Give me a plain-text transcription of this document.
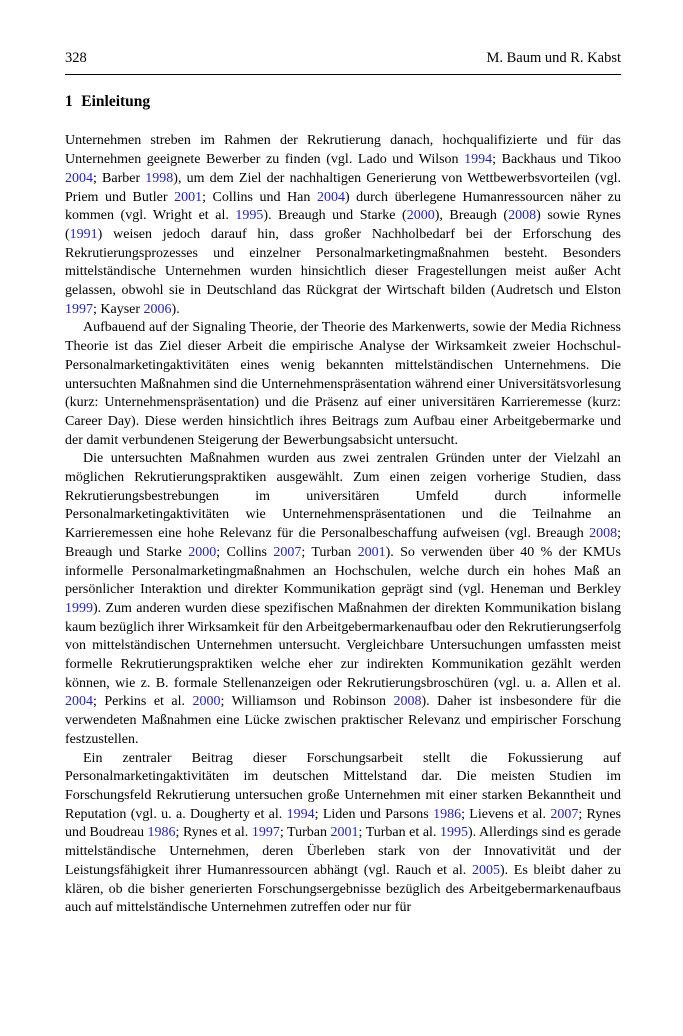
328	M. Baum und R. Kabst
1 Einleitung

Unternehmen streben im Rahmen der Rekrutierung danach, hochqualifizierte und für das Unternehmen geeignete Bewerber zu finden (vgl. Lado und Wilson 1994; Backhaus und Tikoo 2004; Barber 1998), um dem Ziel der nachhaltigen Generierung von Wettbewerbsvorteilen (vgl. Priem und Butler 2001; Collins und Han 2004) durch überlegene Humanressourcen näher zu kommen (vgl. Wright et al. 1995). Breaugh und Starke (2000), Breaugh (2008) sowie Rynes (1991) weisen jedoch darauf hin, dass großer Nachholbedarf bei der Erforschung des Rekrutierungsprozesses und einzelner Personalmarketingmaßnahmen besteht. Besonders mittelständische Unternehmen wurden hinsichtlich dieser Fragestellungen meist außer Acht gelassen, obwohl sie in Deutschland das Rückgrat der Wirtschaft bilden (Audretsch und Elston 1997; Kayser 2006).

Aufbauend auf der Signaling Theorie, der Theorie des Markenwerts, sowie der Media Richness Theorie ist das Ziel dieser Arbeit die empirische Analyse der Wirksamkeit zweier Hochschul-Personalmarketingaktivitäten eines wenig bekannten mittelständischen Unternehmens. Die untersuchten Maßnahmen sind die Unternehmenspräsentation während einer Universitätsvorlesung (kurz: Unternehmenspräsentation) und die Präsenz auf einer universitären Karrieremesse (kurz: Career Day). Diese werden hinsichtlich ihres Beitrags zum Aufbau einer Arbeitgebermarke und der damit verbundenen Steigerung der Bewerbungsabsicht untersucht.

Die untersuchten Maßnahmen wurden aus zwei zentralen Gründen unter der Vielzahl an möglichen Rekrutierungspraktiken ausgewählt. Zum einen zeigen vorherige Studien, dass Rekrutierungsbestrebungen im universitären Umfeld durch informelle Personalmarketingaktivitäten wie Unternehmenspräsentationen und die Teilnahme an Karrieremessen eine hohe Relevanz für die Personalbeschaffung aufweisen (vgl. Breaugh 2008; Breaugh und Starke 2000; Collins 2007; Turban 2001). So verwenden über 40 % der KMUs informelle Personalmarketingmaßnahmen an Hochschulen, welche durch ein hohes Maß an persönlicher Interaktion und direkter Kommunikation geprägt sind (vgl. Heneman und Berkley 1999). Zum anderen wurden diese spezifischen Maßnahmen der direkten Kommunikation bislang kaum bezüglich ihrer Wirksamkeit für den Arbeitgebermarkenaufbau oder den Rekrutierungserfolg von mittelständischen Unternehmen untersucht. Vergleichbare Untersuchungen umfassten meist formelle Rekrutierungspraktiken welche eher zur indirekten Kommunikation gezählt werden können, wie z. B. formale Stellenanzeigen oder Rekrutierungsbroschüren (vgl. u. a. Allen et al. 2004; Perkins et al. 2000; Williamson und Robinson 2008). Daher ist insbesondere für die verwendeten Maßnahmen eine Lücke zwischen praktischer Relevanz und empirischer Forschung festzustellen.

Ein zentraler Beitrag dieser Forschungsarbeit stellt die Fokussierung auf Personalmarketingaktivitäten im deutschen Mittelstand dar. Die meisten Studien im Forschungsfeld Rekrutierung untersuchen große Unternehmen mit einer starken Bekanntheit und Reputation (vgl. u. a. Dougherty et al. 1994; Liden und Parsons 1986; Lievens et al. 2007; Rynes und Boudreau 1986; Rynes et al. 1997; Turban 2001; Turban et al. 1995). Allerdings sind es gerade mittelständische Unternehmen, deren Überleben stark von der Innovativität und der Leistungsfähigkeit ihrer Humanressourcen abhängt (vgl. Rauch et al. 2005). Es bleibt daher zu klären, ob die bisher generierten Forschungsergebnisse bezüglich des Arbeitgebermarkenaufbaus auch auf mittelständische Unternehmen zutreffen oder nur für
